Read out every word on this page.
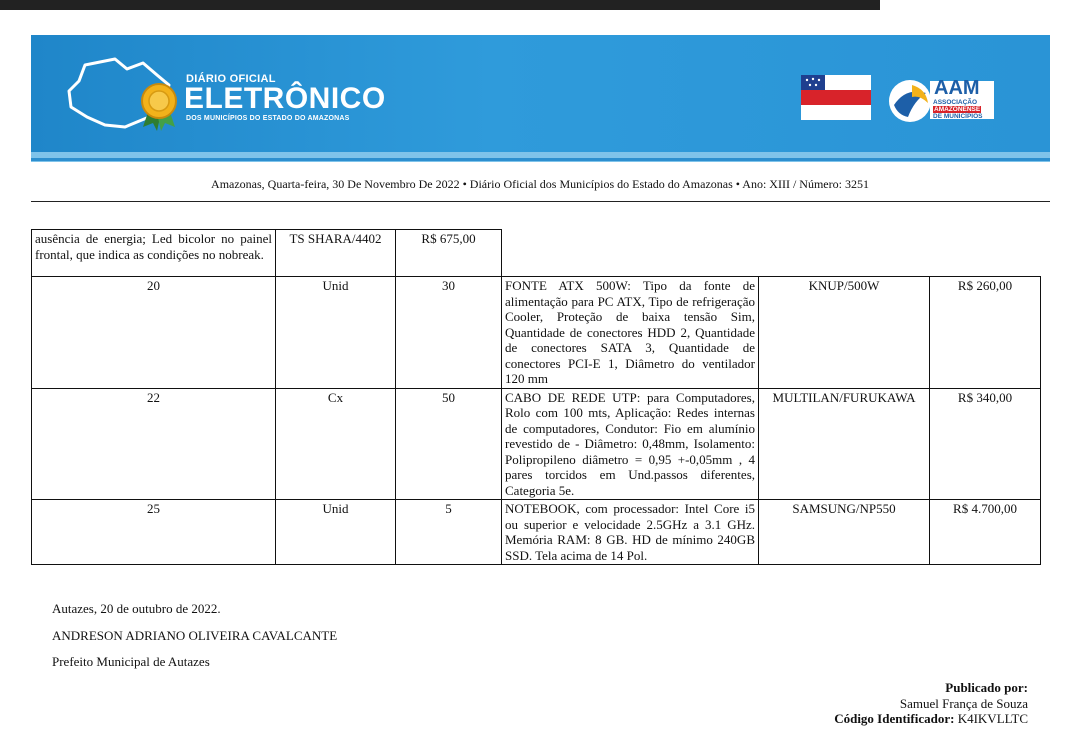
DIÁRIO OFICIAL
ELETRÔNICO
DOS MUNICÍPIOS DO ESTADO DO AMAZONAS
AAM
ASSOCIAÇÃO
AMAZONENSE
DE MUNICÍPIOS
Amazonas, Quarta-feira, 30 De Novembro De 2022 • Diário Oficial dos Municípios do Estado do Amazonas • Ano: XIII / Número: 3251
ausência de energia; Led bicolor no painel frontal, que indica as condições no nobreak.	TS SHARA/4402	R$ 675,00			
20	Unid	30	FONTE ATX 500W: Tipo da fonte de alimentação para PC ATX, Tipo de refrigeração Cooler, Proteção de baixa tensão Sim, Quantidade de conectores HDD 2, Quantidade de conectores SATA 3, Quantidade de conectores PCI-E 1, Diâmetro do ventilador 120 mm	KNUP/500W	R$ 260,00
22	Cx	50	CABO DE REDE UTP: para Computadores, Rolo com 100 mts, Aplicação: Redes internas de computadores, Condutor: Fio em alumínio revestido de - Diâmetro: 0,48mm, Isolamento: Polipropileno diâmetro = 0,95 +-0,05mm , 4 pares torcidos em Und.passos diferentes, Categoria 5e.	MULTILAN/FURUKAWA	R$ 340,00
25	Unid	5	NOTEBOOK, com processador: Intel Core i5 ou superior e velocidade 2.5GHz a 3.1 GHz. Memória RAM: 8 GB. HD de mínimo 240GB SSD. Tela acima de 14 Pol.	SAMSUNG/NP550	R$ 4.700,00
Autazes, 20 de outubro de 2022.
ANDRESON ADRIANO OLIVEIRA CAVALCANTE
Prefeito Municipal de Autazes
Publicado por:
Samuel França de Souza
Código Identificador: K4IKVLLTC
